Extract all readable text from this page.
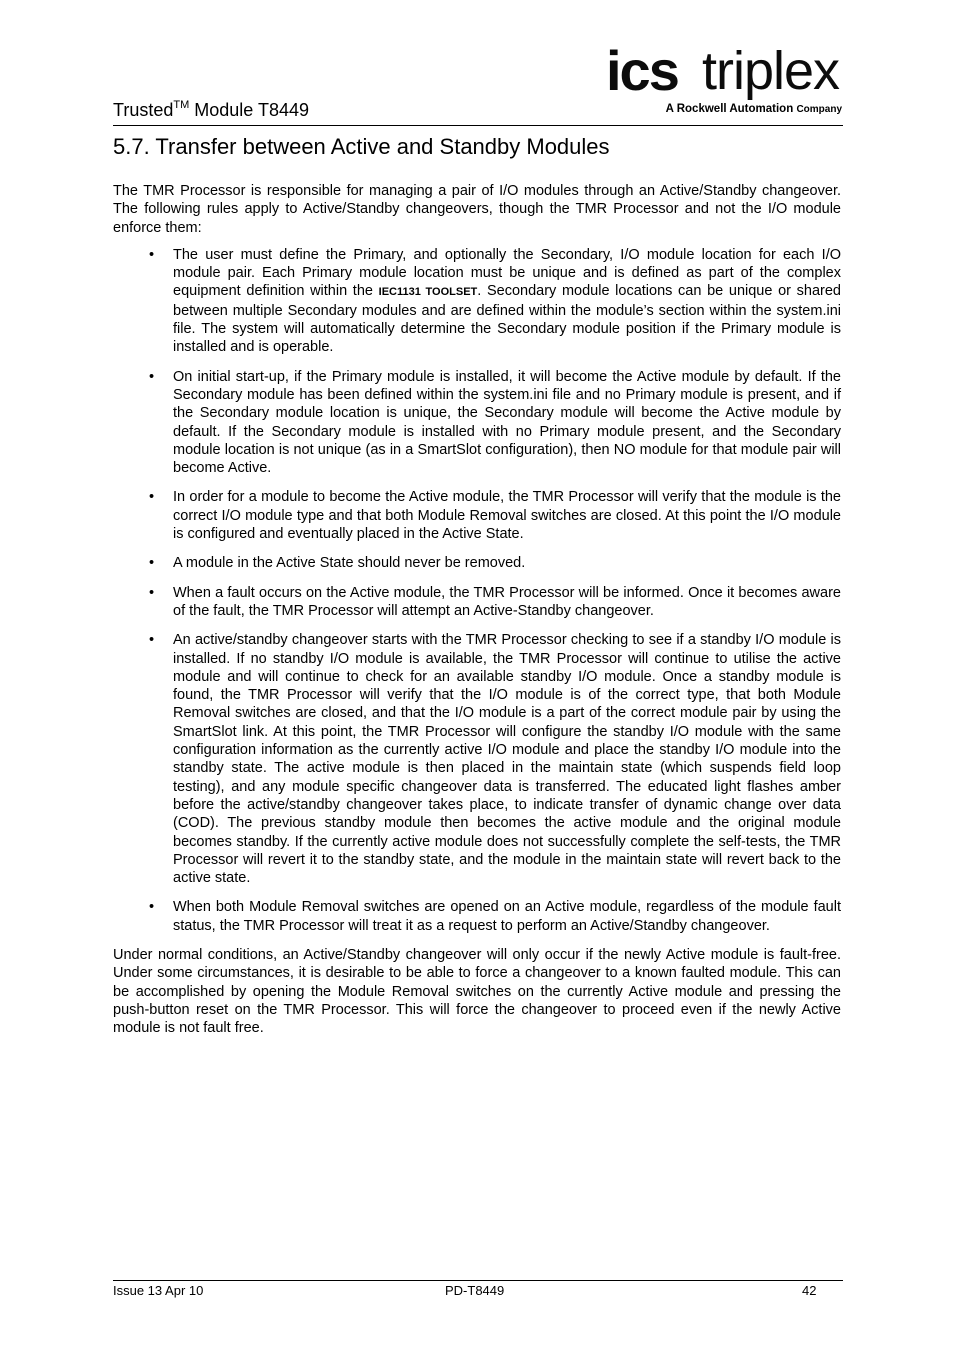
ics triplex
A Rockwell Automation Company
Trusted™ Module T8449
5.7. Transfer between Active and Standby Modules

The TMR Processor is responsible for managing a pair of I/O modules through an Active/Standby changeover. The following rules apply to Active/Standby changeovers, though the TMR Processor and not the I/O module enforce them:

• The user must define the Primary, and optionally the Secondary, I/O module location for each I/O module pair. Each Primary module location must be unique and is defined as part of the complex equipment definition within the IEC1131 TOOLSET. Secondary module locations can be unique or shared between multiple Secondary modules and are defined within the module’s section within the system.ini file. The system will automatically determine the Secondary module position if the Primary module is installed and is operable.
• On initial start-up, if the Primary module is installed, it will become the Active module by default. If the Secondary module has been defined within the system.ini file and no Primary module is present, and if the Secondary module location is unique, the Secondary module will become the Active module by default. If the Secondary module is installed with no Primary module present, and the Secondary module location is not unique (as in a SmartSlot configuration), then NO module for that module pair will become Active.
• In order for a module to become the Active module, the TMR Processor will verify that the module is the correct I/O module type and that both Module Removal switches are closed. At this point the I/O module is configured and eventually placed in the Active State.
• A module in the Active State should never be removed.
• When a fault occurs on the Active module, the TMR Processor will be informed. Once it becomes aware of the fault, the TMR Processor will attempt an Active-Standby changeover.
• An active/standby changeover starts with the TMR Processor checking to see if a standby I/O module is installed. If no standby I/O module is available, the TMR Processor will continue to utilise the active module and will continue to check for an available standby I/O module. Once a standby module is found, the TMR Processor will verify that the I/O module is of the correct type, that both Module Removal switches are closed, and that the I/O module is a part of the correct module pair by using the SmartSlot link. At this point, the TMR Processor will configure the standby I/O module with the same configuration information as the currently active I/O module and place the standby I/O module into the standby state. The active module is then placed in the maintain state (which suspends field loop testing), and any module specific changeover data is transferred. The educated light flashes amber before the active/standby changeover takes place, to indicate transfer of dynamic change over data (COD). The previous standby module then becomes the active module and the original module becomes standby. If the currently active module does not successfully complete the self-tests, the TMR Processor will revert it to the standby state, and the module in the maintain state will revert back to the active state.
• When both Module Removal switches are opened on an Active module, regardless of the module fault status, the TMR Processor will treat it as a request to perform an Active/Standby changeover.

Under normal conditions, an Active/Standby changeover will only occur if the newly Active module is fault-free. Under some circumstances, it is desirable to be able to force a changeover to a known faulted module. This can be accomplished by opening the Module Removal switches on the currently Active module and pressing the push-button reset on the TMR Processor. This will force the changeover to proceed even if the newly Active module is not fault free.

Issue 13 Apr 10	PD-T8449	42
